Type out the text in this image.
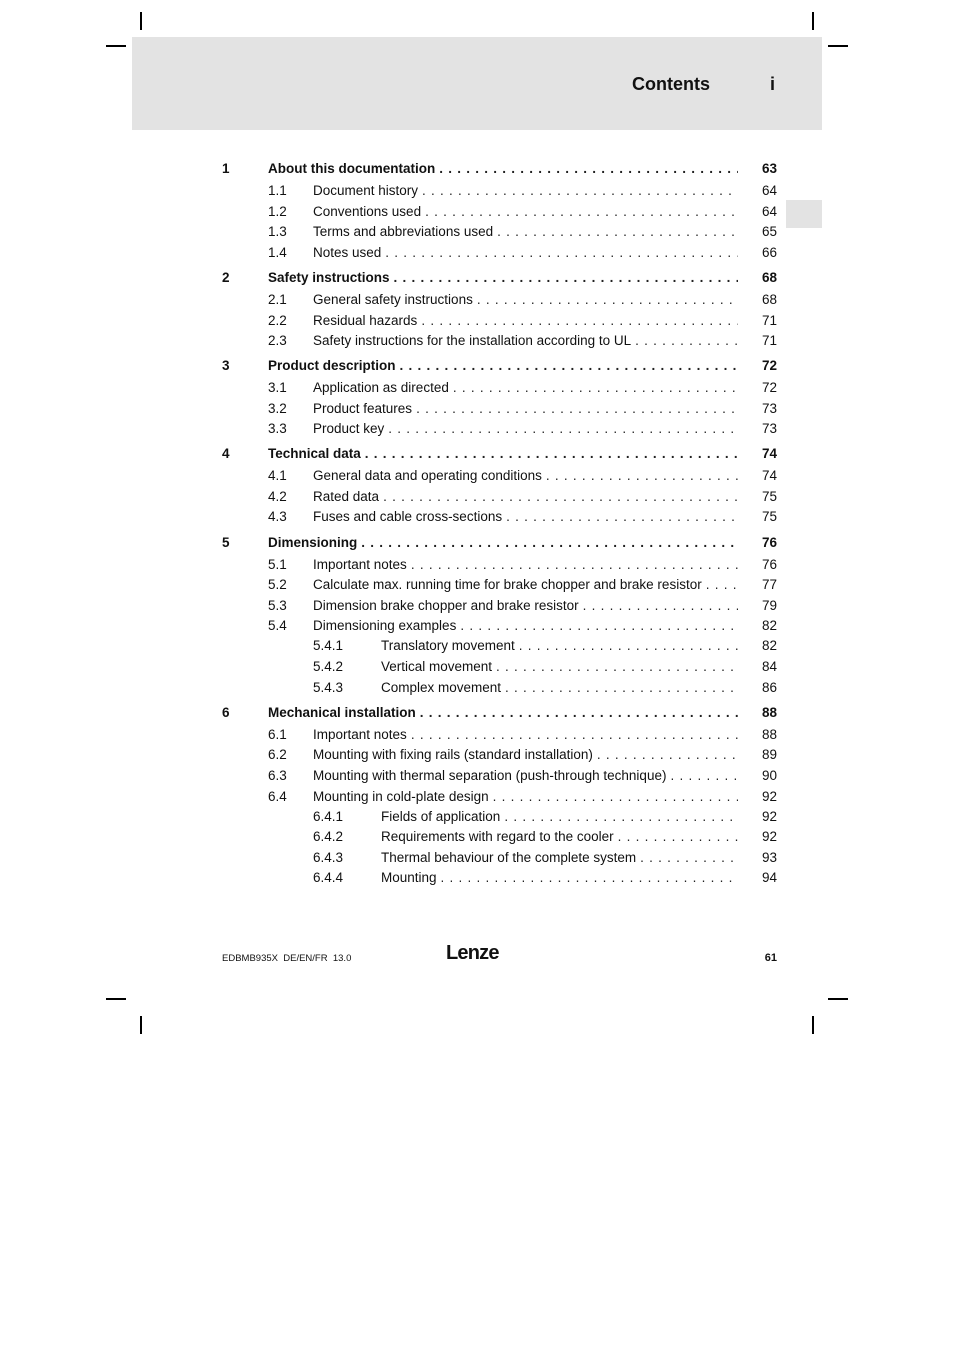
Contents	i
1	About this documentation . . .	63
1.1 Document history . . .	64
1.2 Conventions used . . .	64
1.3 Terms and abbreviations used . . .	65
1.4 Notes used . . .	66
2	Safety instructions . . .	68
2.1 General safety instructions . . .	68
2.2 Residual hazards . . .	71
2.3 Safety instructions for the installation according to UL . . .	71
3	Product description . . .	72
3.1 Application as directed . . .	72
3.2 Product features . . .	73
3.3 Product key . . .	73
4	Technical data . . .	74
4.1 General data and operating conditions . . .	74
4.2 Rated data . . .	75
4.3 Fuses and cable cross-sections . . .	75
5	Dimensioning . . .	76
5.1 Important notes . . .	76
5.2 Calculate max. running time for brake chopper and brake resistor . . .	77
5.3 Dimension brake chopper and brake resistor . . .	79
5.4 Dimensioning examples . . .	82
5.4.1	Translatory movement . . .	82
5.4.2	Vertical movement . . .	84
5.4.3	Complex movement . . .	86
6	Mechanical installation . . .	88
6.1 Important notes . . .	88
6.2 Mounting with fixing rails (standard installation) . . .	89
6.3 Mounting with thermal separation (push-through technique) . . .	90
6.4 Mounting in cold-plate design . . .	92
6.4.1	Fields of application . . .	92
6.4.2	Requirements with regard to the cooler . . .	92
6.4.3	Thermal behaviour of the complete system . . .	93
6.4.4	Mounting . . .	94
EDBMB935X  DE/EN/FR  13.0	Lenze	61
